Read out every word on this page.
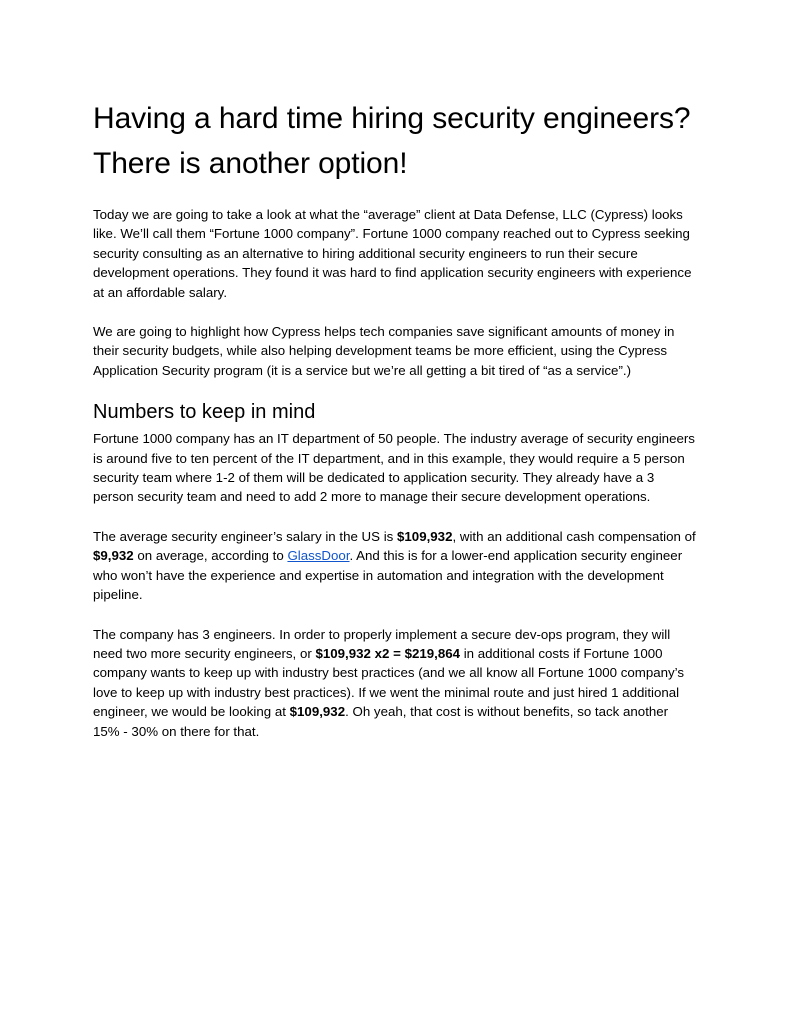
Having a hard time hiring security engineers? There is another option!

Today we are going to take a look at what the “average” client at Data Defense, LLC (Cypress) looks like. We’ll call them “Fortune 1000 company”. Fortune 1000 company reached out to Cypress seeking security consulting as an alternative to hiring additional security engineers to run their secure development operations. They found it was hard to find application security engineers with experience at an affordable salary.

We are going to highlight how Cypress helps tech companies save significant amounts of money in their security budgets, while also helping development teams be more efficient, using the Cypress Application Security program (it is a service but we’re all getting a bit tired of “as a service”.)

Numbers to keep in mind

Fortune 1000 company has an IT department of 50 people. The industry average of security engineers is around five to ten percent of the IT department, and in this example, they would require a 5 person security team where 1-2 of them will be dedicated to application security. They already have a 3 person security team and need to add 2 more to manage their secure development operations.

The average security engineer’s salary in the US is $109,932, with an additional cash compensation of $9,932 on average, according to GlassDoor. And this is for a lower-end application security engineer who won’t have the experience and expertise in automation and integration with the development pipeline.

The company has 3 engineers. In order to properly implement a secure dev-ops program, they will need two more security engineers, or $109,932 x2 = $219,864 in additional costs if Fortune 1000 company wants to keep up with industry best practices (and we all know all Fortune 1000 company’s love to keep up with industry best practices). If we went the minimal route and just hired 1 additional engineer, we would be looking at $109,932. Oh yeah, that cost is without benefits, so tack another 15% - 30% on there for that.
